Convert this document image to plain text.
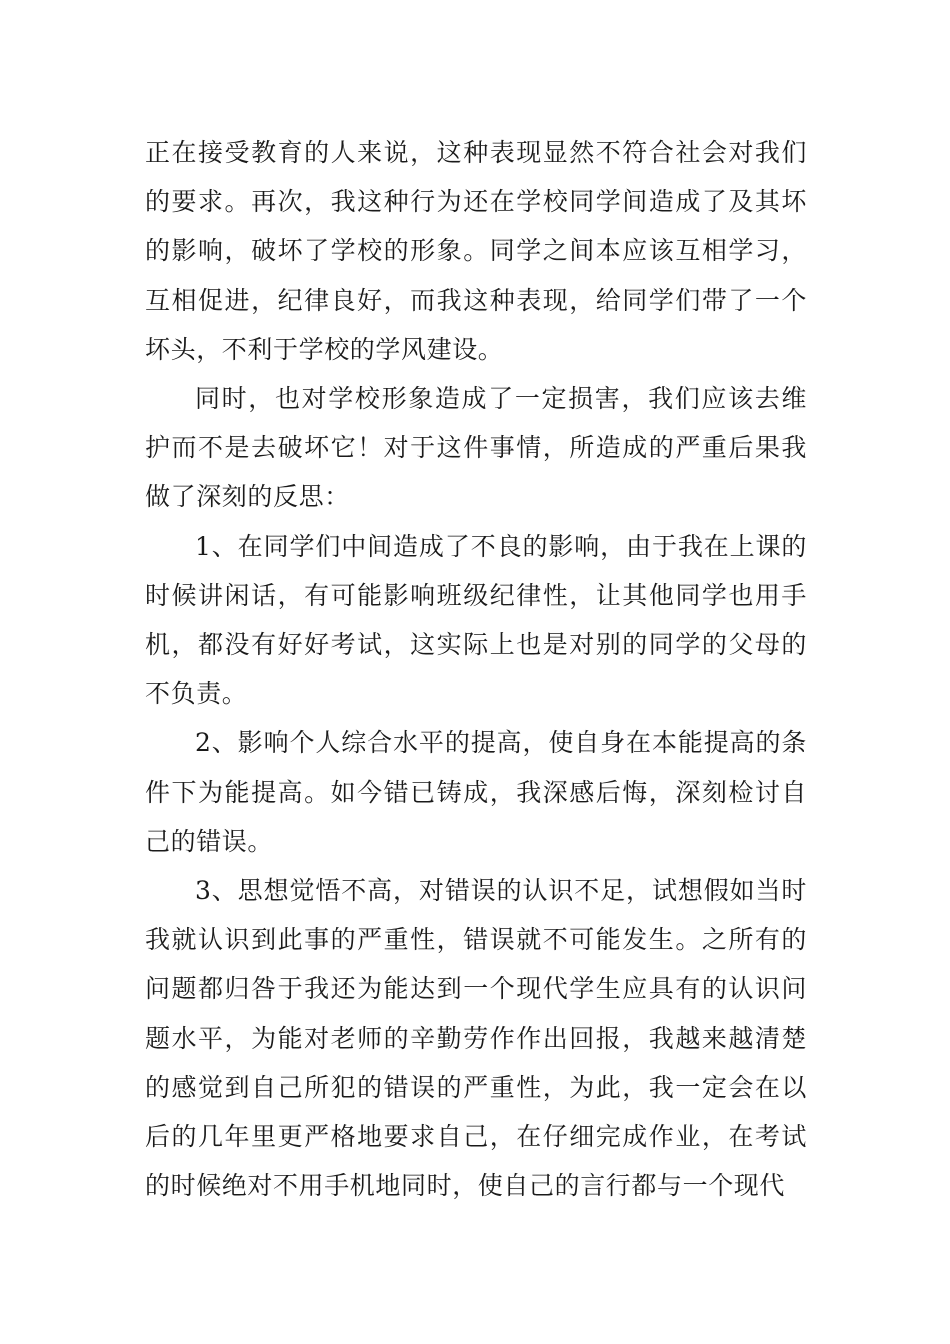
正在接受教育的人来说，这种表现显然不符合社会对我们的要求。再次，我这种行为还在学校同学间造成了及其坏的影响，破坏了学校的形象。同学之间本应该互相学习，互相促进，纪律良好，而我这种表现，给同学们带了一个坏头，不利于学校的学风建设。

同时，也对学校形象造成了一定损害，我们应该去维护而不是去破坏它！对于这件事情，所造成的严重后果我做了深刻的反思：

1、在同学们中间造成了不良的影响，由于我在上课的时候讲闲话，有可能影响班级纪律性，让其他同学也用手机，都没有好好考试，这实际上也是对别的同学的父母的不负责。

2、影响个人综合水平的提高，使自身在本能提高的条件下为能提高。如今错已铸成，我深感后悔，深刻检讨自己的错误。

3、思想觉悟不高，对错误的认识不足，试想假如当时我就认识到此事的严重性，错误就不可能发生。之所有的问题都归咎于我还为能达到一个现代学生应具有的认识问题水平，为能对老师的辛勤劳作作出回报，我越来越清楚的感觉到自己所犯的错误的严重性，为此，我一定会在以后的几年里更严格地要求自己，在仔细完成作业，在考试的时候绝对不用手机地同时，使自己的言行都与一个现代
